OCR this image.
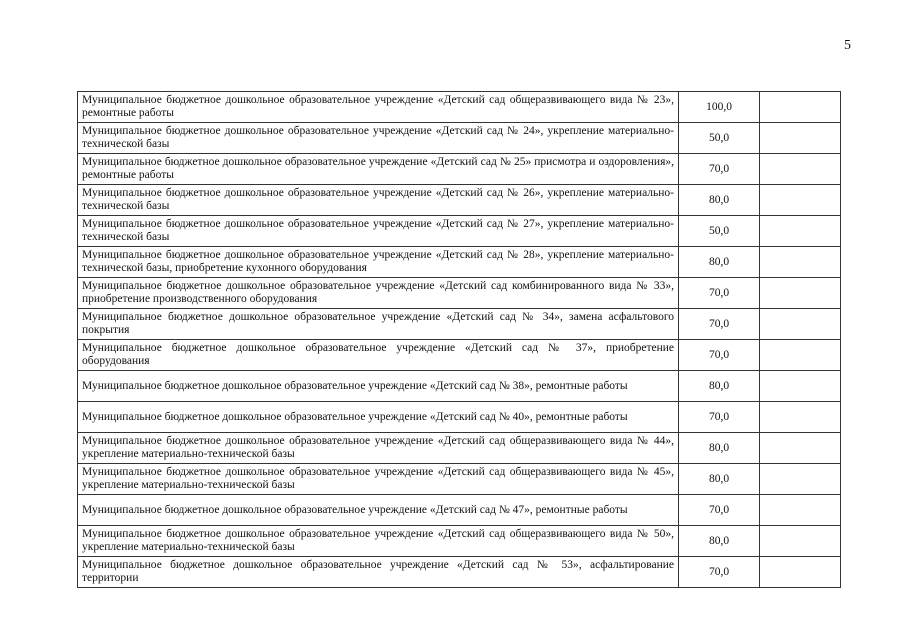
5
Муниципальное бюджетное дошкольное образовательное учреждение «Детский сад общеразвивающего вида № 23», ремонтные работы	100,0	

Муниципальное бюджетное дошкольное образовательное учреждение «Детский сад № 24», укрепление материально-технической базы	50,0	

Муниципальное бюджетное дошкольное образовательное учреждение «Детский сад № 25» присмотра и оздоровления», ремонтные работы	70,0	

Муниципальное бюджетное дошкольное образовательное учреждение «Детский сад № 26», укрепление материально-технической базы	80,0	

Муниципальное бюджетное дошкольное образовательное учреждение «Детский сад № 27», укрепление материально-технической базы	50,0	

Муниципальное бюджетное дошкольное образовательное учреждение «Детский сад № 28», укрепление материально-технической базы, приобретение кухонного оборудования	80,0	

Муниципальное бюджетное дошкольное образовательное учреждение «Детский сад комбинированного вида № 33», приобретение производственного оборудования	70,0	

Муниципальное бюджетное дошкольное образовательное учреждение «Детский сад № 34», замена асфальтового покрытия	70,0	

Муниципальное бюджетное дошкольное образовательное учреждение «Детский сад № 37», приобретение оборудования	70,0	

Муниципальное бюджетное дошкольное образовательное учреждение «Детский сад № 38», ремонтные работы	80,0	

Муниципальное бюджетное дошкольное образовательное учреждение «Детский сад № 40», ремонтные работы	70,0	

Муниципальное бюджетное дошкольное образовательное учреждение «Детский сад общеразвивающего вида № 44», укрепление материально-технической базы	80,0	

Муниципальное бюджетное дошкольное образовательное учреждение «Детский сад общеразвивающего вида № 45», укрепление материально-технической базы	80,0	

Муниципальное бюджетное дошкольное образовательное учреждение «Детский сад № 47», ремонтные работы	70,0	

Муниципальное бюджетное дошкольное образовательное учреждение «Детский сад общеразвивающего вида № 50», укрепление материально-технической базы	80,0	

Муниципальное бюджетное дошкольное образовательное учреждение «Детский сад № 53», асфальтирование территории	70,0	
